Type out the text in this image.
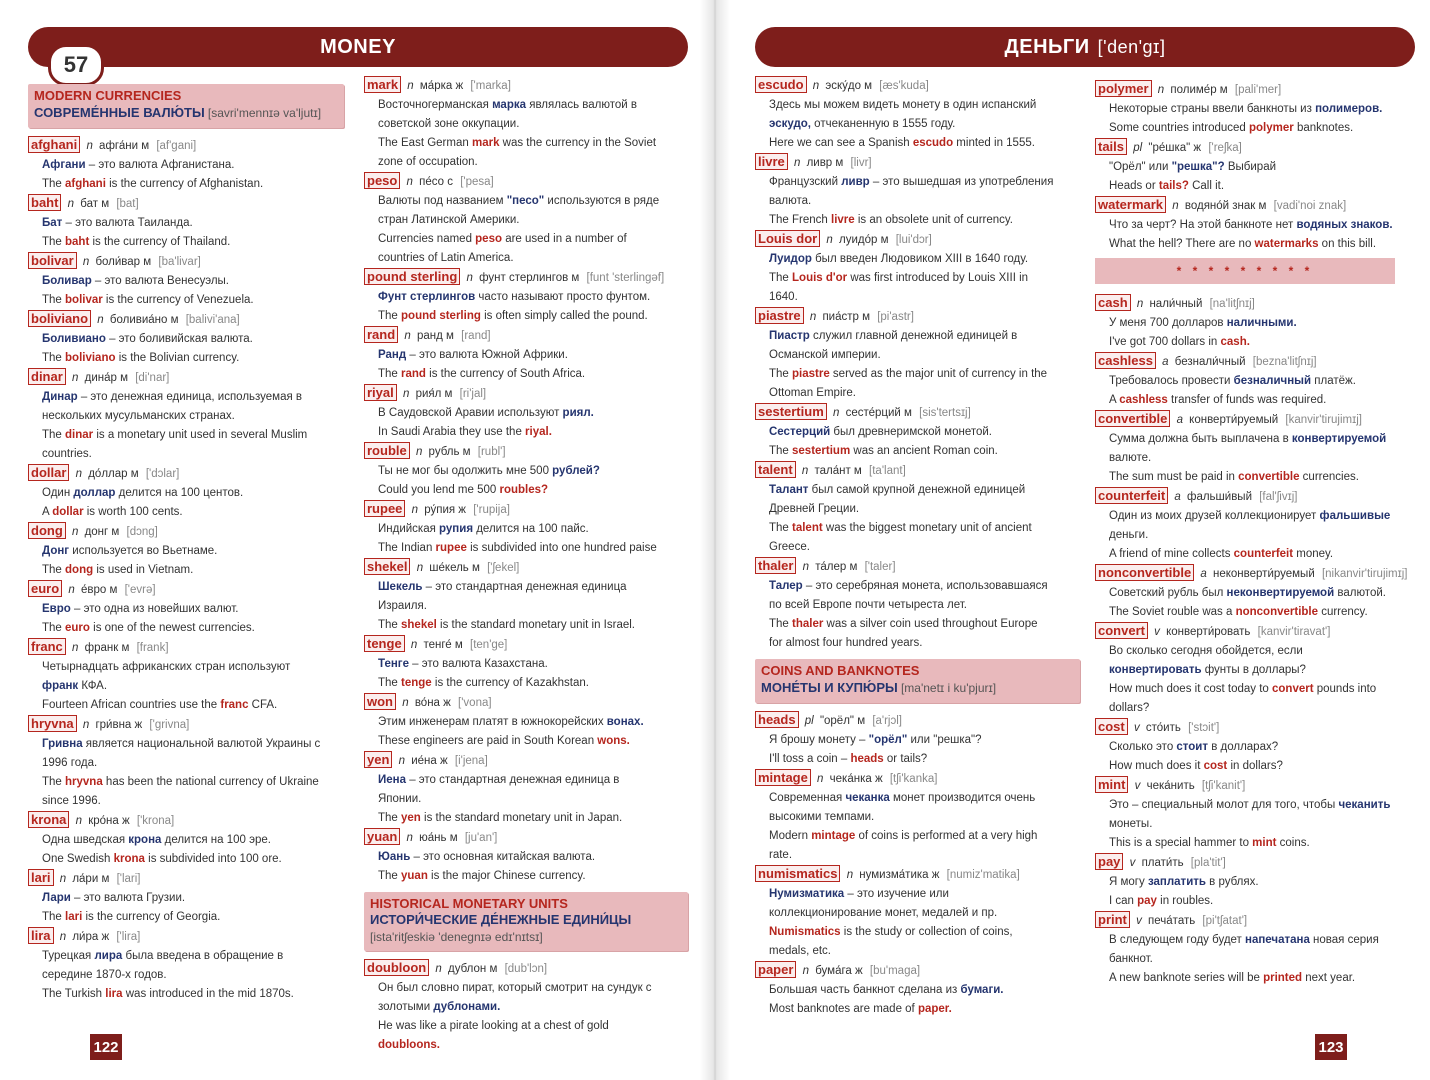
MONEY
57
MODERN CURRENCIES
СОВРЕМЕ́ННЫЕ ВАЛЮ́ТЫ [savri'mennɪə va'ljutɪ]
afghani n афга́ни м [af'gani]
Афгани – это валюта Афганистана.
The afghani is the currency of Afghanistan.
baht n бат м [bat]
Бат – это валюта Таиланда.
The baht is the currency of Thailand.
bolivar n боли́вар м [ba'livar]
Боливар – это валюта Венесуэлы.
The bolivar is the currency of Venezuela.
boliviano n боливиа́но м [balivi'ana]
Боливиано – это боливийская валюта.
The boliviano is the Bolivian currency.
dinar n дина́р м [di'nar]
Динар – это денежная единица, используемая в
нескольких мусульманских странах.
The dinar is a monetary unit used in several Muslim
countries.
dollar n до́ллар м ['dɔlar]
Один доллар делится на 100 центов.
A dollar is worth 100 cents.
dong n донг м [dɔng]
Донг используется во Вьетнаме.
The dong is used in Vietnam.
euro n е́вро м ['evrə]
Евро – это одна из новейших валют.
The euro is one of the newest currencies.
franc n франк м [frank]
Четырнадцать африканских стран используют
франк КФА.
Fourteen African countries use the franc CFA.
hryvna n гри́вна ж ['grivna]
Гривна является национальной валютой Украины с
1996 года.
The hryvna has been the national currency of Ukraine
since 1996.
krona n кро́на ж ['krona]
Одна шведская крона делится на 100 эре.
One Swedish krona is subdivided into 100 ore.
lari n ла́ри м ['lari]
Лари – это валюта Грузии.
The lari is the currency of Georgia.
lira n ли́ра ж ['lira]
Турецкая лира была введена в обращение в
середине 1870-х годов.
The Turkish lira was introduced in the mid 1870s.
mark n ма́рка ж ['marka]
Восточногерманская марка являлась валютой в
советской зоне оккупации.
The East German mark was the currency in the Soviet
zone of occupation.
peso n пе́со с ['pesa]
Валюты под названием "песо" используются в ряде
стран Латинской Америки.
Currencies named peso are used in a number of
countries of Latin America.
pound sterling n фунт стерлингов м [funt 'sterlingəf]
Фунт стерлингов часто называют просто фунтом.
The pound sterling is often simply called the pound.
rand n ранд м [rand]
Ранд – это валюта Южной Африки.
The rand is the currency of South Africa.
riyal n рия́л м [ri'jal]
В Саудовской Аравии используют риял.
In Saudi Arabia they use the riyal.
rouble n рубль м [rubl']
Ты не мог бы одолжить мне 500 рублей?
Could you lend me 500 roubles?
rupee n ру́пия ж ['rupija]
Индийская рупия делится на 100 пайс.
The Indian rupee is subdivided into one hundred paise
shekel n ше́кель м ['ʃekel]
Шекель – это стандартная денежная единица
Израиля.
The shekel is the standard monetary unit in Israel.
tenge n тенге́ м [ten'ge]
Тенге – это валюта Казахстана.
The tenge is the currency of Kazakhstan.
won n во́на ж ['vona]
Этим инженерам платят в южнокорейских вонах.
These engineers are paid in South Korean wons.
yen n ие́на ж [i'jena]
Иена – это стандартная денежная единица в
Японии.
The yen is the standard monetary unit in Japan.
yuan n юа́нь м [ju'an']
Юань – это основная китайская валюта.
The yuan is the major Chinese currency.
HISTORICAL MONETARY UNITS
ИСТОРИ́ЧЕСКИЕ ДЕ́НЕЖНЫЕ ЕДИНИ́ЦЫ
[ista'ritʃeskiə 'denegnɪə edɪ'nɪtsɪ]
doubloon n дублон м [dub'lɔn]
Он был словно пират, который смотрит на сундук с
золотыми дублонами.
He was like a pirate looking at a chest of gold
doubloons.
122
ДЕНЬГИ ['den'gɪ]
escudo n эску́до м [æs'kuda]
Здесь мы можем видеть монету в один испанский
эскудо, отчеканенную в 1555 году.
Here we can see a Spanish escudo minted in 1555.
livre n ливр м [livr]
Французский ливр – это вышедшая из употребления
валюта.
The French livre is an obsolete unit of currency.
Louis dor n луидо́р м [lui'dɔr]
Луидор был введен Людовиком XIII в 1640 году.
The Louis d'or was first introduced by Louis XIII in
1640.
piastre n пиа́стр м [pi'astr]
Пиастр служил главной денежной единицей в
Османской империи.
The piastre served as the major unit of currency in the
Ottoman Empire.
sestertium n сесте́рций м [sis'tertsɪj]
Сестерций был древнеримской монетой.
The sestertium was an ancient Roman coin.
talent n тала́нт м [ta'lant]
Талант был самой крупной денежной единицей
Древней Греции.
The talent was the biggest monetary unit of ancient
Greece.
thaler n та́лер м ['taler]
Талер – это серебряная монета, использовавшаяся
по всей Европе почти четыреста лет.
The thaler was a silver coin used throughout Europe
for almost four hundred years.
COINS AND BANKNOTES
МОНЕ́ТЫ И КУПЮ́РЫ [ma'netɪ i ku'pjurɪ]
heads pl "орёл" м [a'rjɔl]
Я брошу монету – "орёл" или "решка"?
I'll toss a coin – heads or tails?
mintage n чека́нка ж [tʃi'kanka]
Современная чеканка монет производится очень
высокими темпами.
Modern mintage of coins is performed at a very high
rate.
numismatics n нумизма́тика ж [numiz'matika]
Нумизматика – это изучение или
коллекционирование монет, медалей и пр.
Numismatics is the study or collection of coins,
medals, etc.
paper n бума́га ж [bu'maga]
Большая часть банкнот сделана из бумаги.
Most banknotes are made of paper.
polymer n полиме́р м [pali'mer]
Некоторые страны ввели банкноты из полимеров.
Some countries introduced polymer banknotes.
tails pl "ре́шка" ж ['reʃka]
"Орёл" или "решка"? Выбирай
Heads or tails? Call it.
watermark n водяно́й знак м [vadi'noi znak]
Что за черт? На этой банкноте нет водяных знаков.
What the hell? There are no watermarks on this bill.
* * * * * * * * *
cash n нали́чный [na'litʃnɪj]
У меня 700 долларов наличными.
I've got 700 dollars in cash.
cashless a безнали́чный [bezna'litʃnɪj]
Требовалось провести безналичный платёж.
A cashless transfer of funds was required.
convertible a конверти́руемый [kanvir'tirujimɪj]
Сумма должна быть выплачена в конвертируемой
валюте.
The sum must be paid in convertible currencies.
counterfeit a фальши́вый [fal'ʃivɪj]
Один из моих друзей коллекционирует фальшивые
деньги.
A friend of mine collects counterfeit money.
nonconvertible a неконверти́руемый [nikanvir'tirujimɪj]
Советский рубль был неконвертируемой валютой.
The Soviet rouble was a nonconvertible currency.
convert v конверти́ровать [kanvir'tiravat']
Во сколько сегодня обойдется, если
конвертировать фунты в доллары?
How much does it cost today to convert pounds into
dollars?
cost v сто́ить ['stɔit']
Сколько это стоит в долларах?
How much does it cost in dollars?
mint v чека́нить [tʃi'kanit']
Это – специальный молот для того, чтобы чеканить
монеты.
This is a special hammer to mint coins.
pay v плати́ть [pla'tit']
Я могу заплатить в рублях.
I can pay in roubles.
print v печа́тать [pi'tʃatat']
В следующем году будет напечатана новая серия
банкнот.
A new banknote series will be printed next year.
123
